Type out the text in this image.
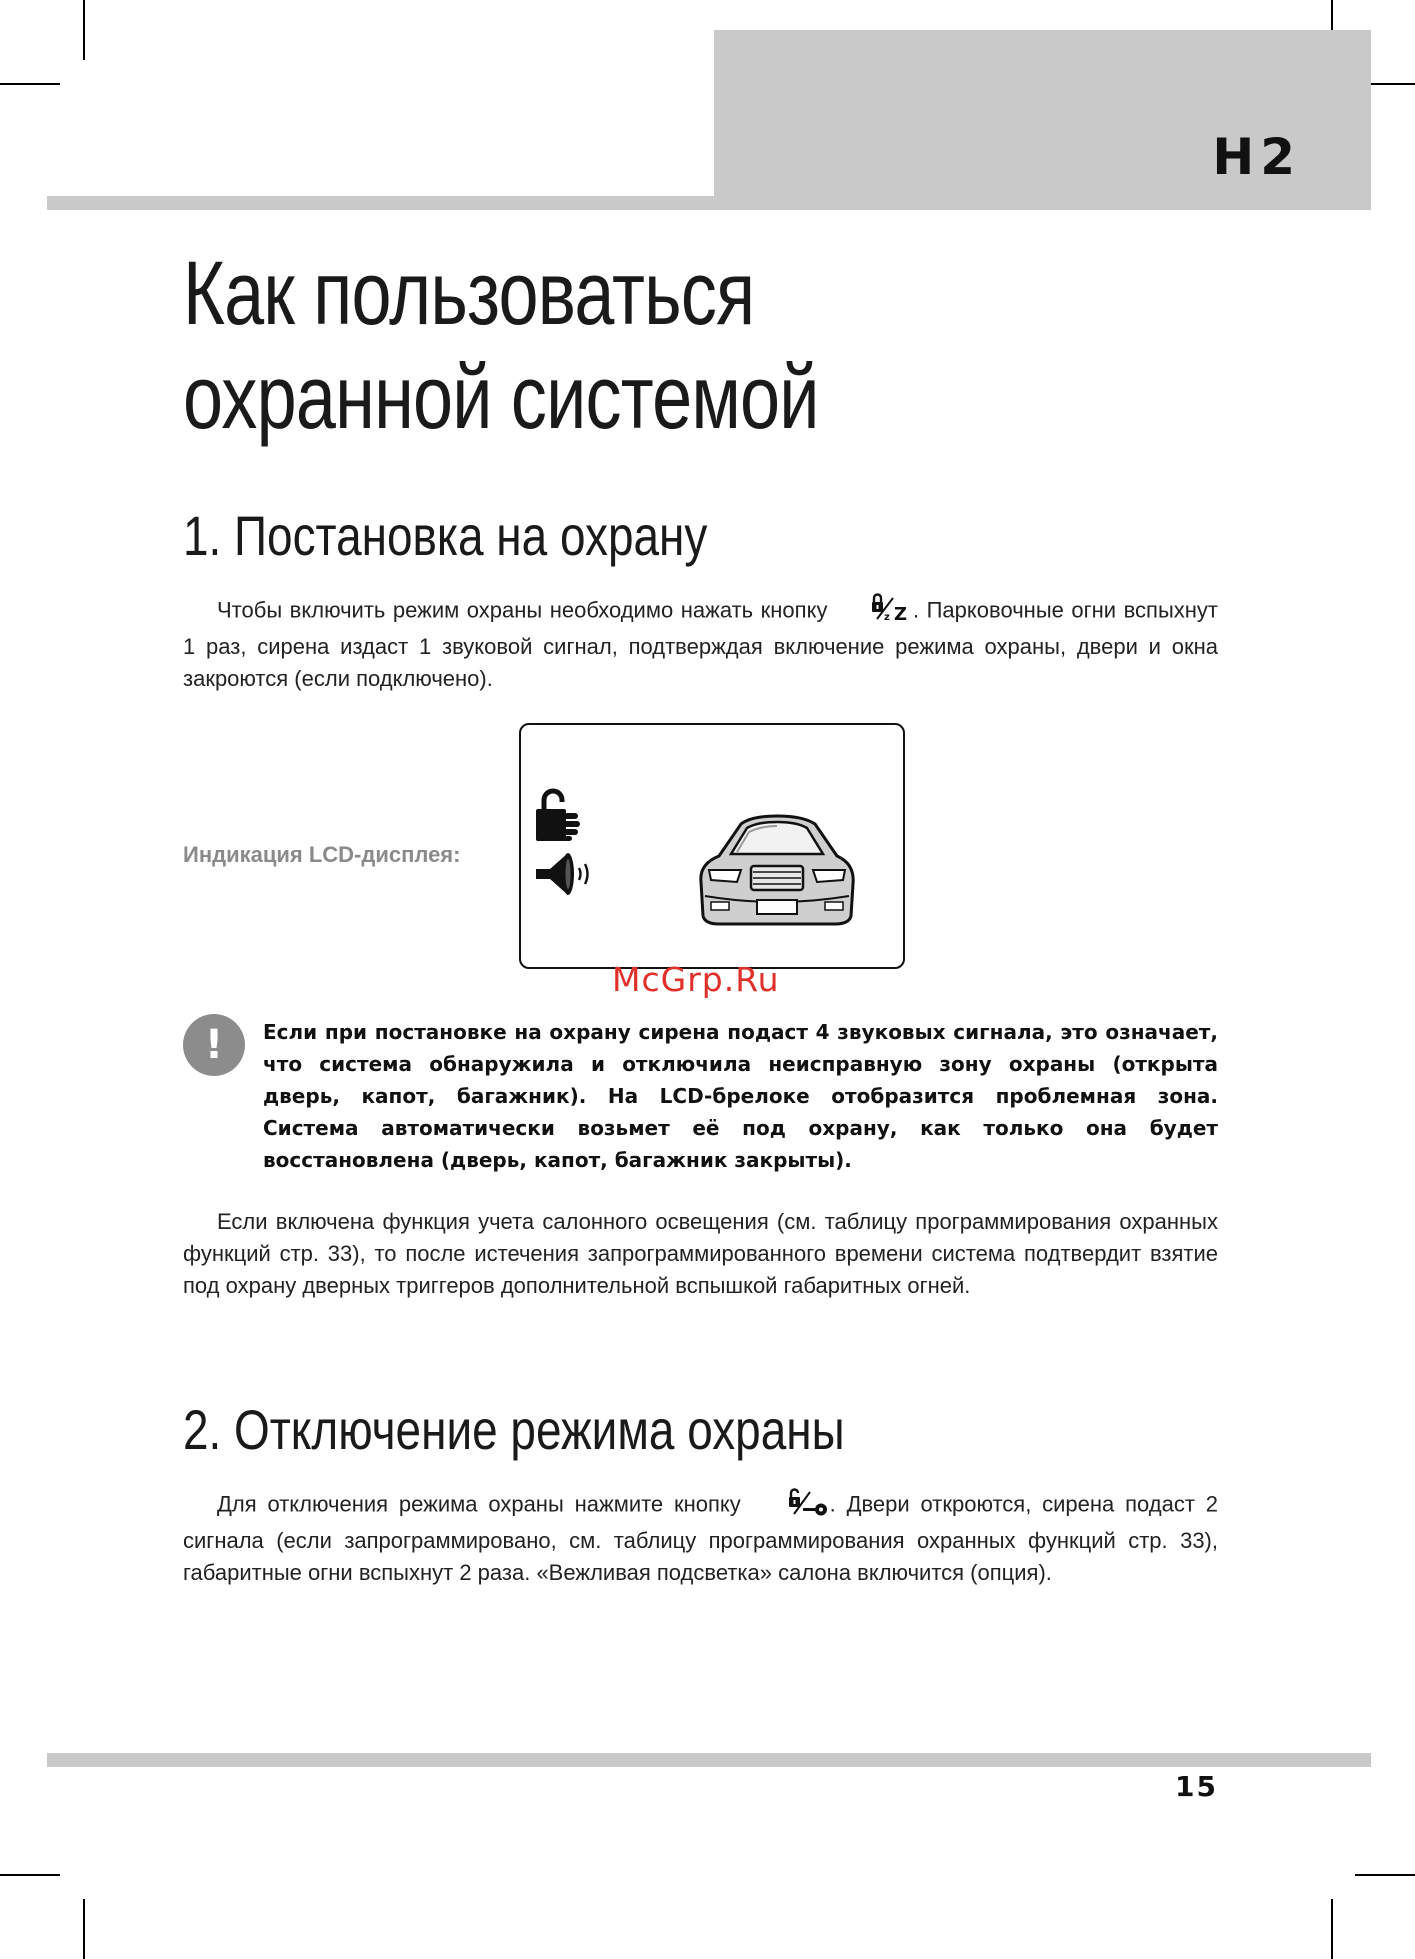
H2
Как пользоваться
охранной системой
1. Постановка на охрану

Чтобы включить режим охраны необходимо нажать кнопку	z Z . Парковочные огни вспыхнут 1 раз, сирена издаст 1 звуковой сигнал, подтверждая включение режима охраны, двери и окна закроются (если подключено).

Индикация LCD-дисплея:
McGrp.Ru
!	Если при постановке на охрану сирена подаст 4 звуковых сигнала, это означает, что система обнаружила и отключила неисправную зону охраны (открыта дверь, капот, багажник). На LCD-брелоке отобразится проблемная зона. Система автоматически возьмет её под охрану, как только она будет восстановлена (дверь, капот, багажник закрыты).

Если включена функция учета салонного освещения (см. таблицу программирования охранных функций стр. 33), то после истечения запрограммированного времени система подтвердит взятие под охрану дверных триггеров дополнительной вспышкой габаритных огней.

2. Отключение режима охраны

Для отключения режима охраны нажмите кнопку	. Двери откроются, сирена подаст 2 сигнала (если запрограммировано, см. таблицу программирования охранных функций стр. 33), габаритные огни вспыхнут 2 раза. «Вежливая подсветка» салона включится (опция).

15
